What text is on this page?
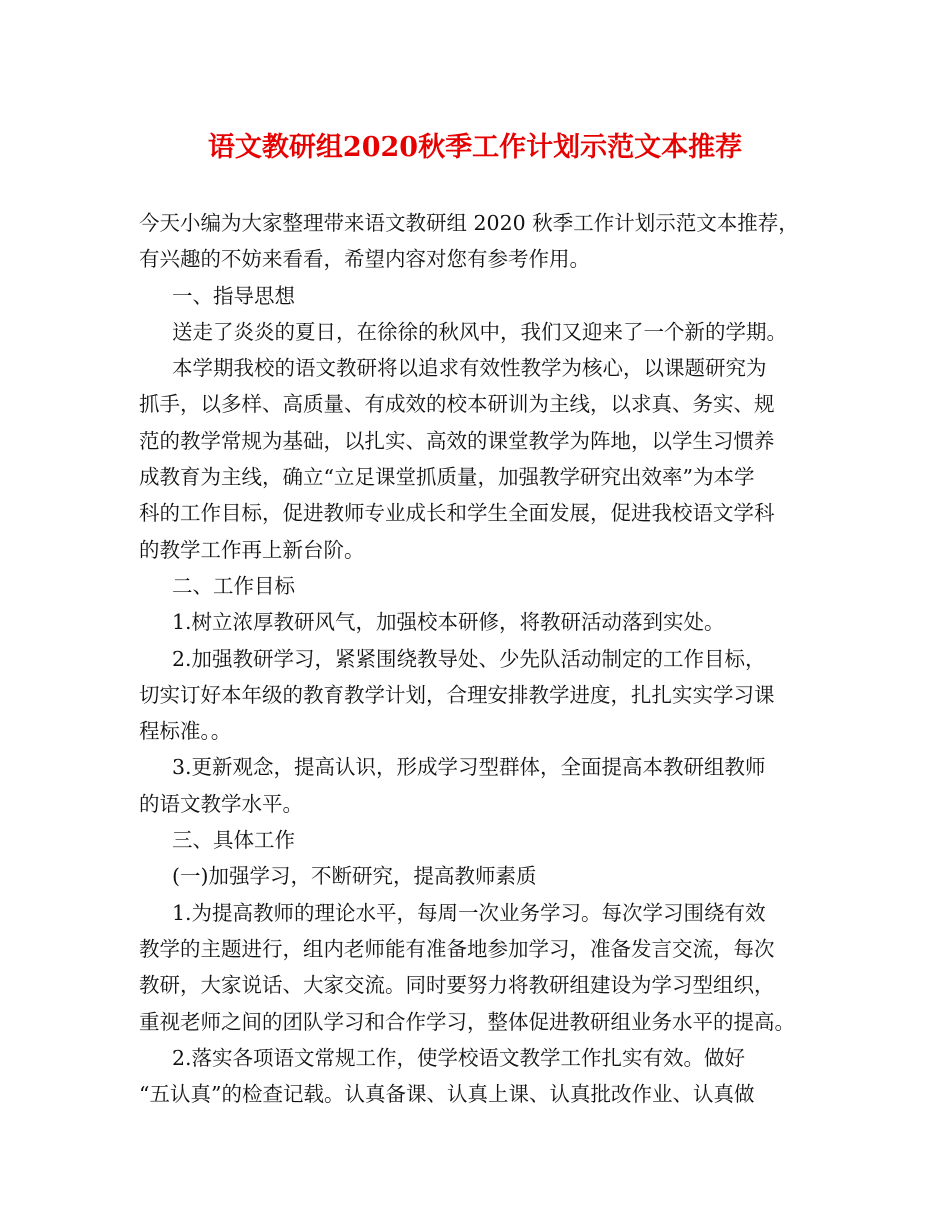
语文教研组2020秋季工作计划示范文本推荐
今天小编为大家整理带来语文教研组 2020 秋季工作计划示范文本推荐，
有兴趣的不妨来看看，希望内容对您有参考作用。
一、指导思想
送走了炎炎的夏日，在徐徐的秋风中，我们又迎来了一个新的学期。
本学期我校的语文教研将以追求有效性教学为核心，以课题研究为
抓手，以多样、高质量、有成效的校本研训为主线，以求真、务实、规
范的教学常规为基础，以扎实、高效的课堂教学为阵地，以学生习惯养
成教育为主线，确立“立足课堂抓质量，加强教学研究出效率”为本学
科的工作目标，促进教师专业成长和学生全面发展，促进我校语文学科
的教学工作再上新台阶。
二、工作目标
1.树立浓厚教研风气，加强校本研修，将教研活动落到实处。
2.加强教研学习，紧紧围绕教导处、少先队活动制定的工作目标，
切实订好本年级的教育教学计划，合理安排教学进度，扎扎实实学习课
程标准。。
3.更新观念，提高认识，形成学习型群体，全面提高本教研组教师
的语文教学水平。
三、具体工作
(一)加强学习，不断研究，提高教师素质
1.为提高教师的理论水平，每周一次业务学习。每次学习围绕有效
教学的主题进行，组内老师能有准备地参加学习，准备发言交流，每次
教研，大家说话、大家交流。同时要努力将教研组建设为学习型组织，
重视老师之间的团队学习和合作学习，整体促进教研组业务水平的提高。
2.落实各项语文常规工作，使学校语文教学工作扎实有效。做好
“五认真”的检查记载。认真备课、认真上课、认真批改作业、认真做
